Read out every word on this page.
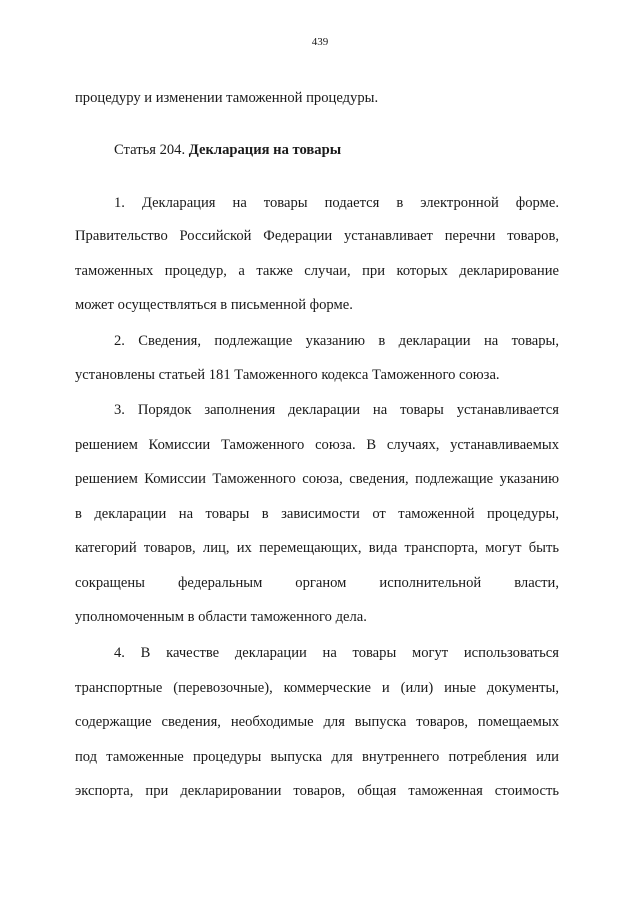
439
процедуру и изменении таможенной процедуры.
Статья 204. Декларация на товары
1. Декларация на товары подается в электронной форме.
Правительство Российской Федерации устанавливает перечни товаров,
таможенных процедур, а также случаи, при которых декларирование
может осуществляться в письменной форме.
2. Сведения, подлежащие указанию в декларации на товары,
установлены статьей 181 Таможенного кодекса Таможенного союза.
3. Порядок заполнения декларации на товары устанавливается
решением Комиссии Таможенного союза. В случаях, устанавливаемых
решением Комиссии Таможенного союза, сведения, подлежащие указанию
в декларации на товары в зависимости от таможенной процедуры,
категорий товаров, лиц, их перемещающих, вида транспорта, могут быть
сокращены федеральным органом исполнительной власти,
уполномоченным в области таможенного дела.
4. В качестве декларации на товары могут использоваться
транспортные (перевозочные), коммерческие и (или) иные документы,
содержащие сведения, необходимые для выпуска товаров, помещаемых
под таможенные процедуры выпуска для внутреннего потребления или
экспорта, при декларировании товаров, общая таможенная стоимость
